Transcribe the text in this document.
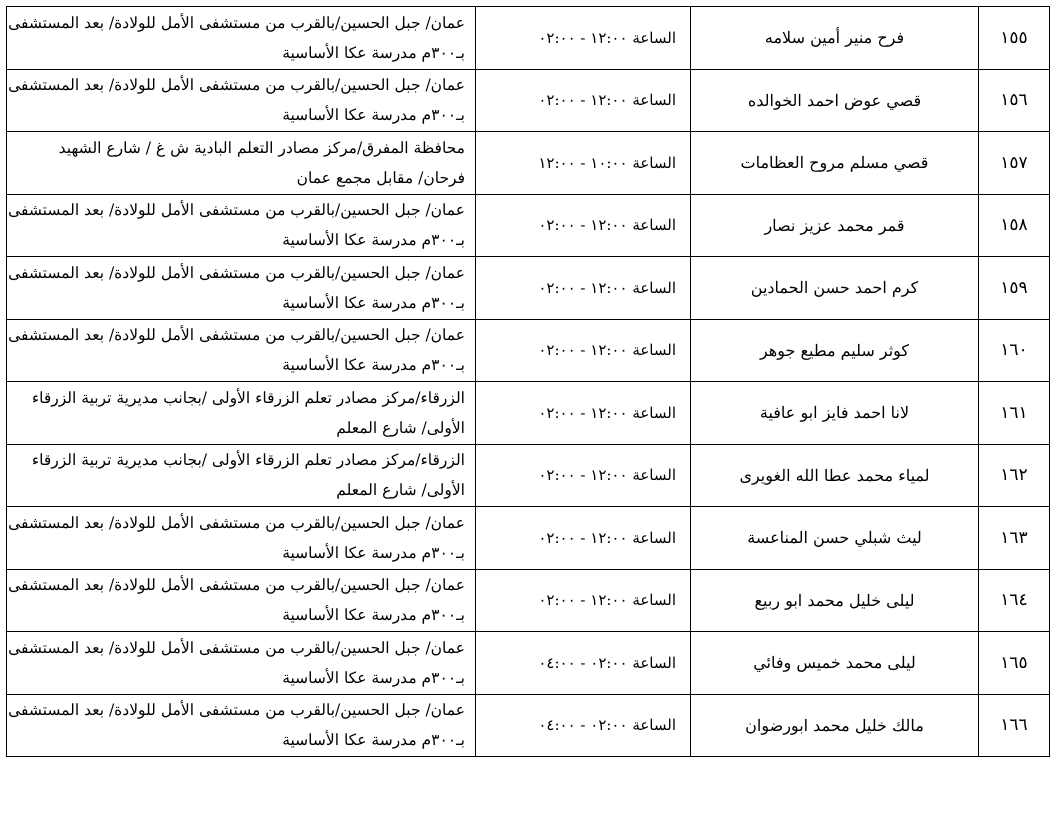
١٥٥	فرح منير أمين سلامه	الساعة ١٢:٠٠ - ٠٢:٠٠	عمان/ جبل الحسين/بالقرب من مستشفى الأمل للولادة/ بعد المستشفى
بـ٣٠٠م مدرسة عكا الأساسية

١٥٦	قصي عوض احمد الخوالده	الساعة ١٢:٠٠ - ٠٢:٠٠	عمان/ جبل الحسين/بالقرب من مستشفى الأمل للولادة/ بعد المستشفى
بـ٣٠٠م مدرسة عكا الأساسية

١٥٧	قصي مسلم مروح العظامات	الساعة ١٠:٠٠ - ١٢:٠٠	محافظة المفرق/مركز مصادر التعلم البادية ش غ / شارع الشهيد
فرحان/ مقابل مجمع عمان

١٥٨	قمر محمد عزيز نصار	الساعة ١٢:٠٠ - ٠٢:٠٠	عمان/ جبل الحسين/بالقرب من مستشفى الأمل للولادة/ بعد المستشفى
بـ٣٠٠م مدرسة عكا الأساسية

١٥٩	كرم احمد حسن الحمادين	الساعة ١٢:٠٠ - ٠٢:٠٠	عمان/ جبل الحسين/بالقرب من مستشفى الأمل للولادة/ بعد المستشفى
بـ٣٠٠م مدرسة عكا الأساسية

١٦٠	كوثر سليم مطيع جوهر	الساعة ١٢:٠٠ - ٠٢:٠٠	عمان/ جبل الحسين/بالقرب من مستشفى الأمل للولادة/ بعد المستشفى
بـ٣٠٠م مدرسة عكا الأساسية

١٦١	لانا احمد فايز ابو عافية	الساعة ١٢:٠٠ - ٠٢:٠٠	الزرقاء/مركز مصادر تعلم الزرقاء الأولى /بجانب مديرية تربية الزرقاء
الأولى/ شارع المعلم

١٦٢	لمياء محمد عطا الله الغويرى	الساعة ١٢:٠٠ - ٠٢:٠٠	الزرقاء/مركز مصادر تعلم الزرقاء الأولى /بجانب مديرية تربية الزرقاء
الأولى/ شارع المعلم

١٦٣	ليث شبلي حسن المناعسة	الساعة ١٢:٠٠ - ٠٢:٠٠	عمان/ جبل الحسين/بالقرب من مستشفى الأمل للولادة/ بعد المستشفى
بـ٣٠٠م مدرسة عكا الأساسية

١٦٤	ليلى خليل محمد ابو ربيع	الساعة ١٢:٠٠ - ٠٢:٠٠	عمان/ جبل الحسين/بالقرب من مستشفى الأمل للولادة/ بعد المستشفى
بـ٣٠٠م مدرسة عكا الأساسية

١٦٥	ليلى محمد خميس وفائي	الساعة ٠٢:٠٠ - ٠٤:٠٠	عمان/ جبل الحسين/بالقرب من مستشفى الأمل للولادة/ بعد المستشفى
بـ٣٠٠م مدرسة عكا الأساسية

١٦٦	مالك خليل محمد ابورضوان	الساعة ٠٢:٠٠ - ٠٤:٠٠	عمان/ جبل الحسين/بالقرب من مستشفى الأمل للولادة/ بعد المستشفى
بـ٣٠٠م مدرسة عكا الأساسية
